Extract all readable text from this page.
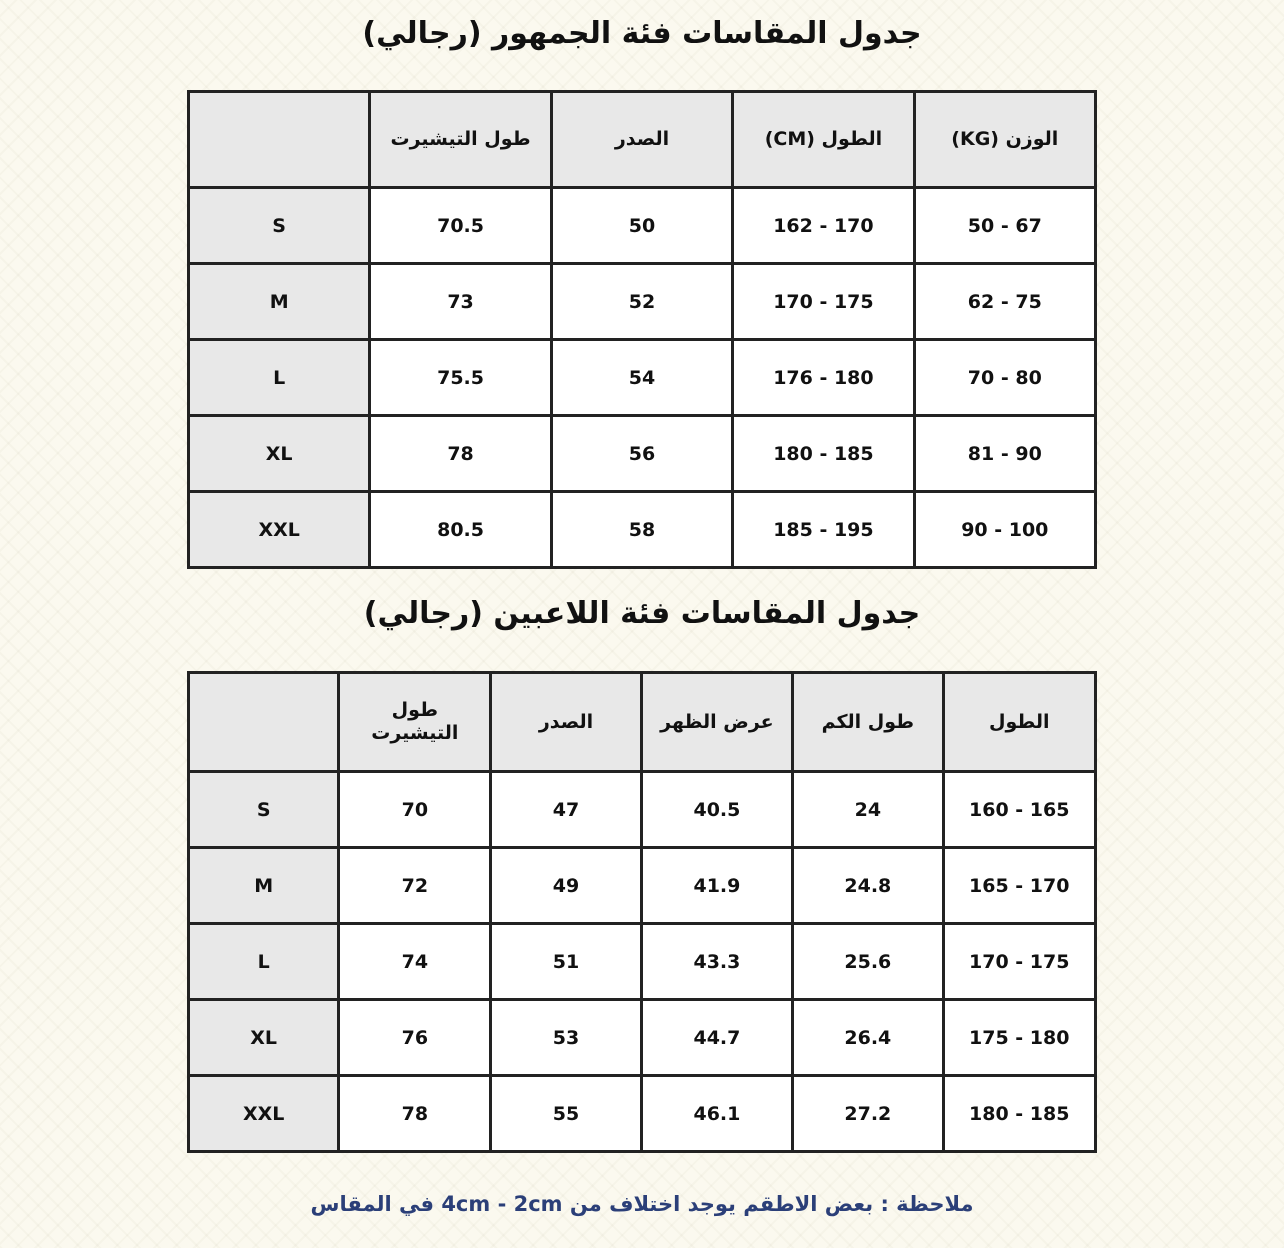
جدول المقاسات فئة الجمهور (رجالي)
	طول التيشيرت	الصدر	الطول (CM)	الوزن (KG)
S	70.5	50	162 - 170	50 - 67
M	73	52	170 - 175	62 - 75
L	75.5	54	176 - 180	70 - 80
XL	78	56	180 - 185	81 - 90
XXL	80.5	58	185 - 195	90 - 100
جدول المقاسات فئة اللاعبين (رجالي)
	طول التيشيرت	الصدر	عرض الظهر	طول الكم	الطول
S	70	47	40.5	24	160 - 165
M	72	49	41.9	24.8	165 - 170
L	74	51	43.3	25.6	170 - 175
XL	76	53	44.7	26.4	175 - 180
XXL	78	55	46.1	27.2	180 - 185
ملاحظة : بعض الاطقم يوجد اختلاف من 4cm - 2cm في المقاس
